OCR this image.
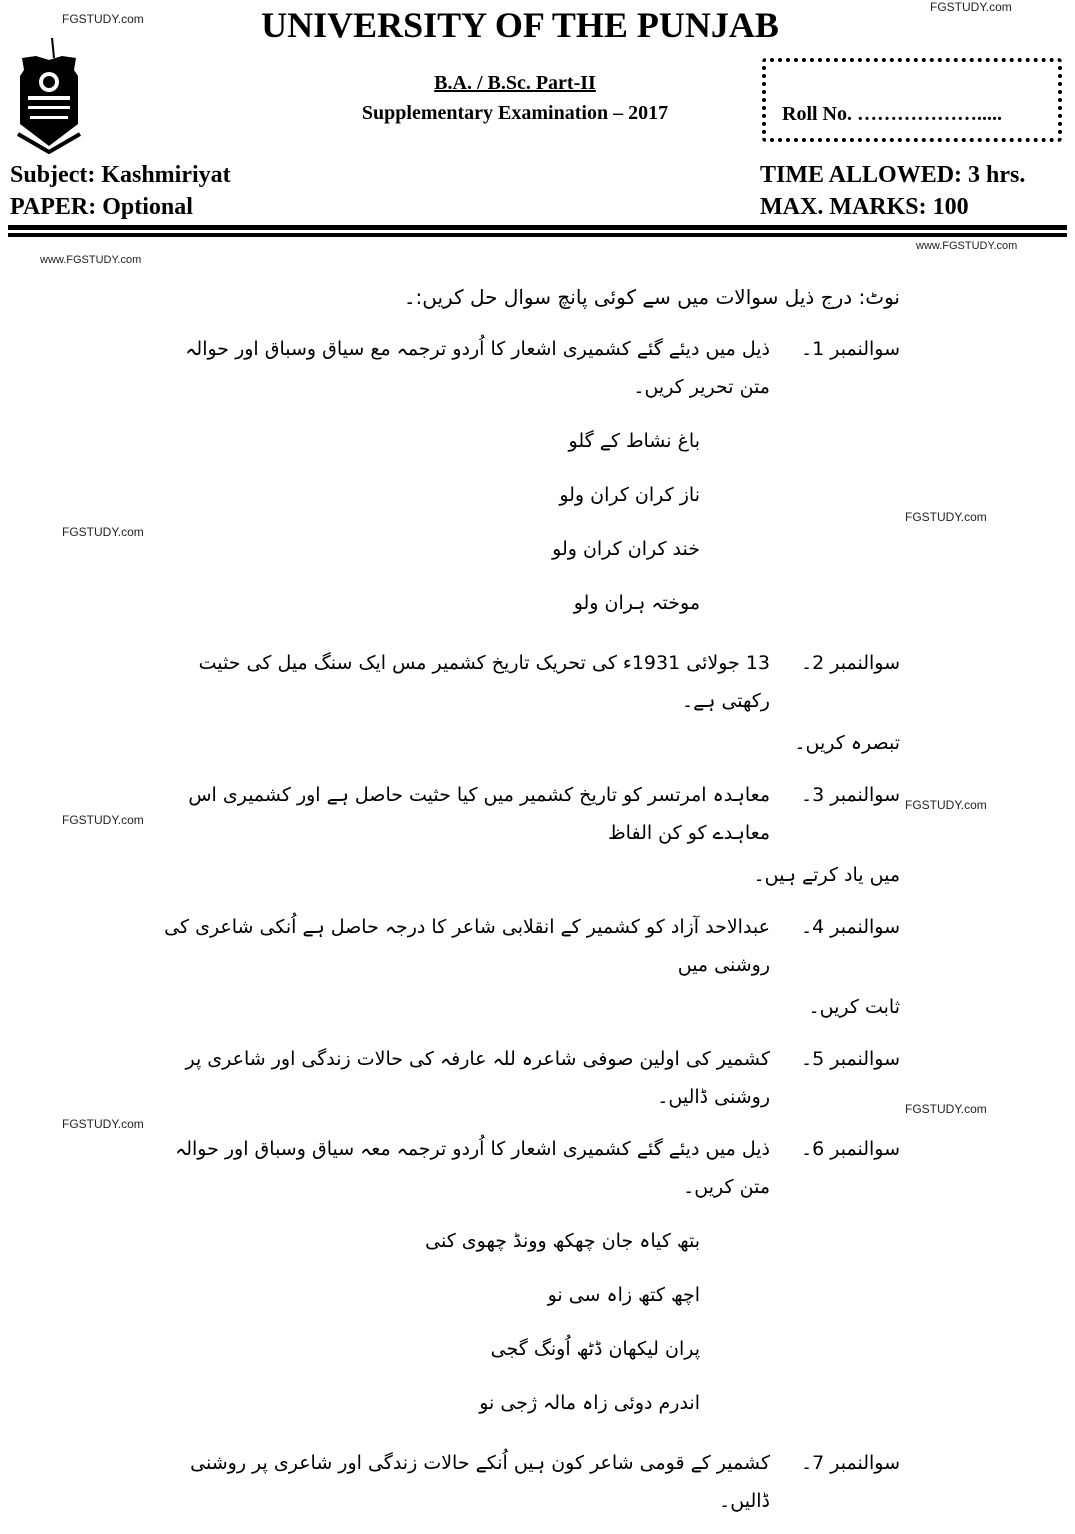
FGSTUDY.com
FGSTUDY.com
www.FGSTUDY.com
www.FGSTUDY.com
FGSTUDY.com
FGSTUDY.com
FGSTUDY.com
FGSTUDY.com
FGSTUDY.com
FGSTUDY.com
UNIVERSITY OF THE PUNJAB
B.A. / B.Sc. Part-II
Supplementary Examination – 2017	Roll No. ……………….....
Subject: Kashmiriyat
PAPER: Optional
TIME ALLOWED: 3 hrs.
MAX. MARKS: 100
نوٹ: درج ذیل سوالات میں سے کوئی پانچ سوال حل کریں:۔
سوالنمبر 1۔
ذیل میں دیئے گئے کشمیری اشعار کا اُردو ترجمہ مع سیاق وسباق اور حوالہ متن تحریر کریں۔
باغ نشاط کے گلو
ناز کران کران ولو
خند کران کران ولو
موختہ ہران ولو
سوالنمبر 2۔
13 جولائی 1931ء کی تحریک تاریخ کشمیر مس ایک سنگ میل کی حثیت رکھتی ہے۔
تبصرہ کریں۔
سوالنمبر 3۔
معاہدہ امرتسر کو تاریخ کشمیر میں کیا حثیت حاصل ہے اور کشمیری اس معاہدے کو کن الفاظ
میں یاد کرتے ہیں۔
سوالنمبر 4۔
عبدالاحد آزاد کو کشمیر کے انقلابی شاعر کا درجہ حاصل ہے اُنکی شاعری کی روشنی میں
ثابت کریں۔
سوالنمبر 5۔
کشمیر کی اولین صوفی شاعرہ للہ عارفہ کی حالات زندگی اور شاعری پر روشنی ڈالیں۔
سوالنمبر 6۔
ذیل میں دیئے گئے کشمیری اشعار کا اُردو ترجمہ معہ سیاق وسباق اور حوالہ متن کریں۔
بتھ کیاہ جان چھکھ وونڈ چھوی کنی
اچھ کتھ زاہ سی نو
پران لیکھان ڈٹھ اُونگ گجی
اندرم دوئی زاہ مالہ ژجی نو
سوالنمبر 7۔
کشمیر کے قومی شاعر کون ہیں اُنکے حالات زندگی اور شاعری پر روشنی ڈالیں۔
